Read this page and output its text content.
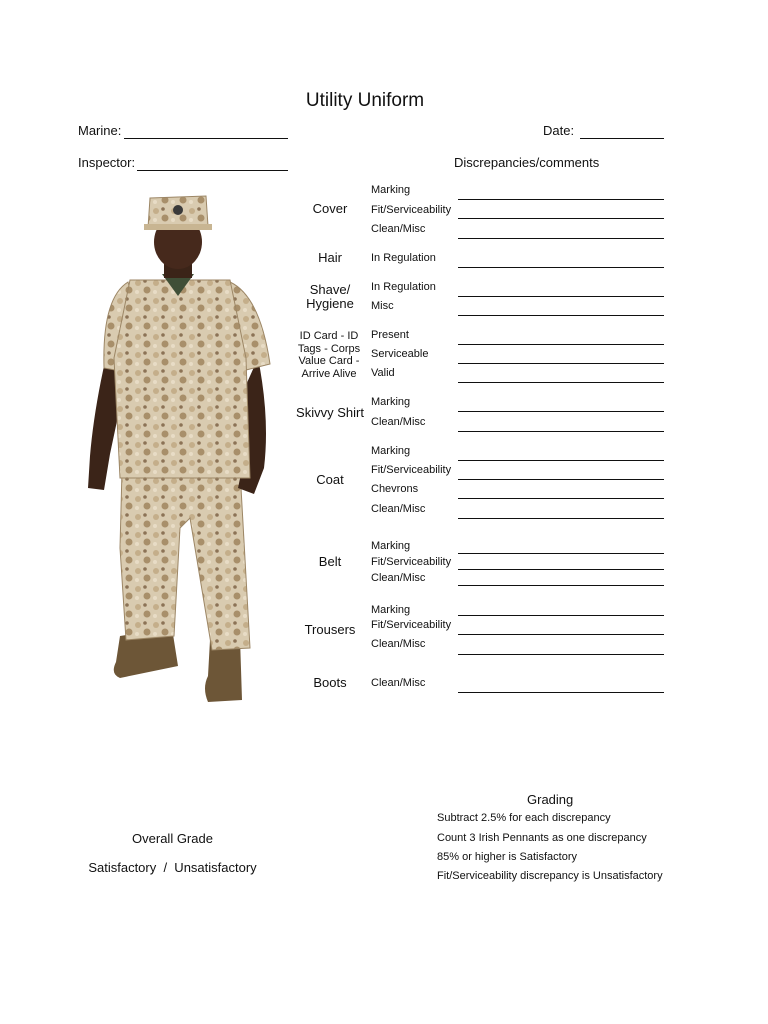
Utility Uniform
Marine:	Date:
Inspector:	Discrepancies/comments
Cover
Hair
Shave/ Hygiene
ID Card - ID Tags - Corps Value Card - Arrive Alive
Skivvy Shirt
Coat
Belt
Trousers
Boots
Marking
Fit/Serviceability
Clean/Misc
In Regulation
In Regulation
Misc
Present
Serviceable
Valid
Marking
Clean/Misc
Marking
Fit/Serviceability
Chevrons
Clean/Misc
Marking
Fit/Serviceability
Clean/Misc
Marking
Fit/Serviceability
Clean/Misc
Clean/Misc
Overall Grade
Satisfactory  /  Unsatisfactory
Grading
Subtract 2.5% for each discrepancy
Count 3 Irish Pennants as one discrepancy
85% or higher is Satisfactory
Fit/Serviceability discrepancy is Unsatisfactory
